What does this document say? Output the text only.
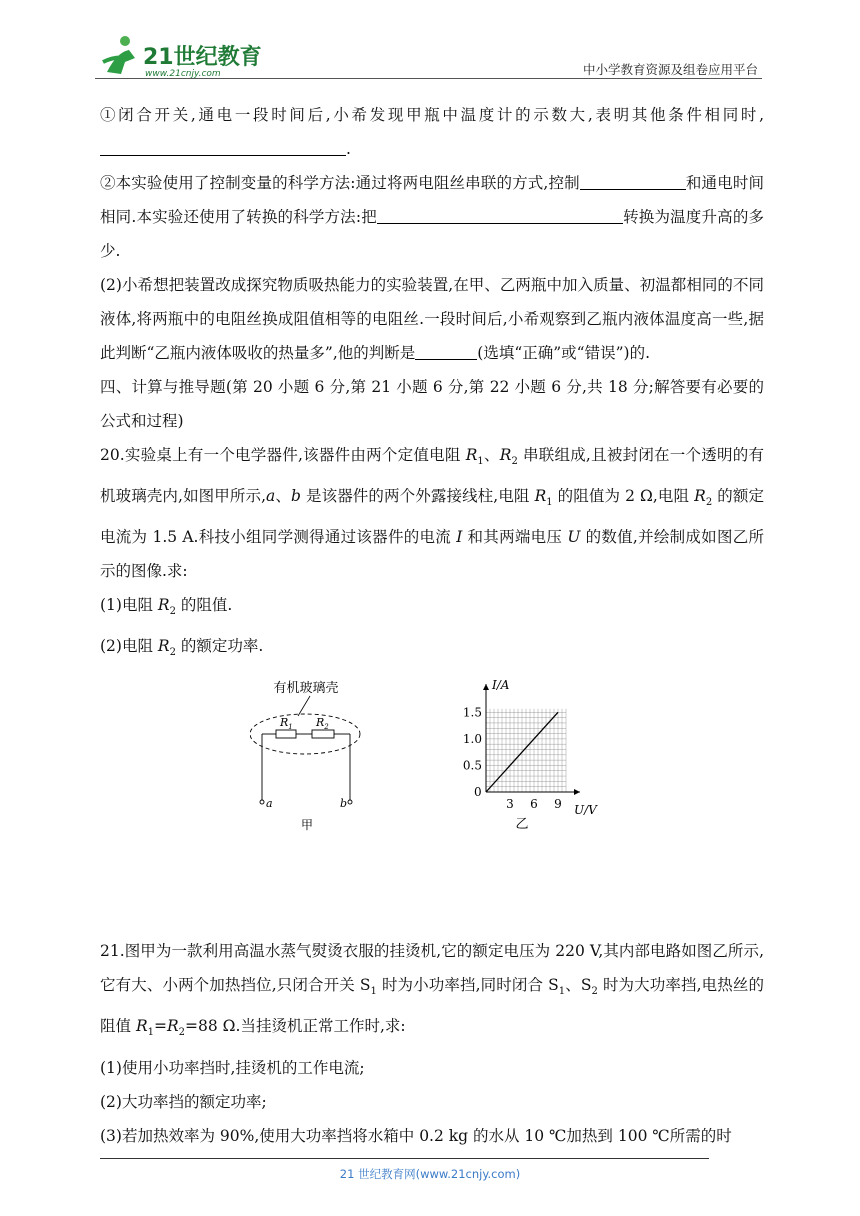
21世纪教育
www.21cnjy.com	中小学教育资源及组卷应用平台

①闭合开关,通电一段时间后,小希发现甲瓶中温度计的示数大,表明其他条件相同时,.

②本实验使用了控制变量的科学方法:通过将两电阻丝串联的方式,控制	和通电时间相同.本实验还使用了转换的科学方法:把	转换为温度升高的多少.

(2)小希想把装置改成探究物质吸热能力的实验装置,在甲、乙两瓶中加入质量、初温都相同的不同液体,将两瓶中的电阻丝换成阻值相等的电阻丝.一段时间后,小希观察到乙瓶内液体温度高一些,据此判断“乙瓶内液体吸收的热量多”,他的判断是	(选填“正确”或“错误”)的.

四、计算与推导题(第 20 小题 6 分,第 21 小题 6 分,第 22 小题 6 分,共 18 分;解答要有必要的公式和过程)

20.实验桌上有一个电学器件,该器件由两个定值电阻 $R_1$、$R_2$ 串联组成,且被封闭在一个透明的有机玻璃壳内,如图甲所示,a、b 是该器件的两个外露接线柱,电阻 $R_1$ 的阻值为 2 Ω,电阻 $R_2$ 的额定电流为 1.5 A.科技小组同学测得通过该器件的电流 I 和其两端电压 U 的数值,并绘制成如图乙所示的图像.求:

(1)电阻 $R_2$ 的阻值.

(2)电阻 $R_2$ 的额定功率.

有机玻璃壳
$R_1$ $R_2$
a	b
甲
I/A
U/V
0
3 6 9
0.5
1.0
1.5
乙

21.图甲为一款利用高温水蒸气熨烫衣服的挂烫机,它的额定电压为 220 V,其内部电路如图乙所示,它有大、小两个加热挡位,只闭合开关 $S_1$ 时为小功率挡,同时闭合 $S_1$、$S_2$ 时为大功率挡,电热丝的阻值 $R_1=R_2=88$ Ω.当挂烫机正常工作时,求:

(1)使用小功率挡时,挂烫机的工作电流;

(2)大功率挡的额定功率;

(3)若加热效率为 90%,使用大功率挡将水箱中 0.2 kg 的水从 10 ℃加热到 100 ℃所需的时

21 世纪教育网(www.21cnjy.com)
